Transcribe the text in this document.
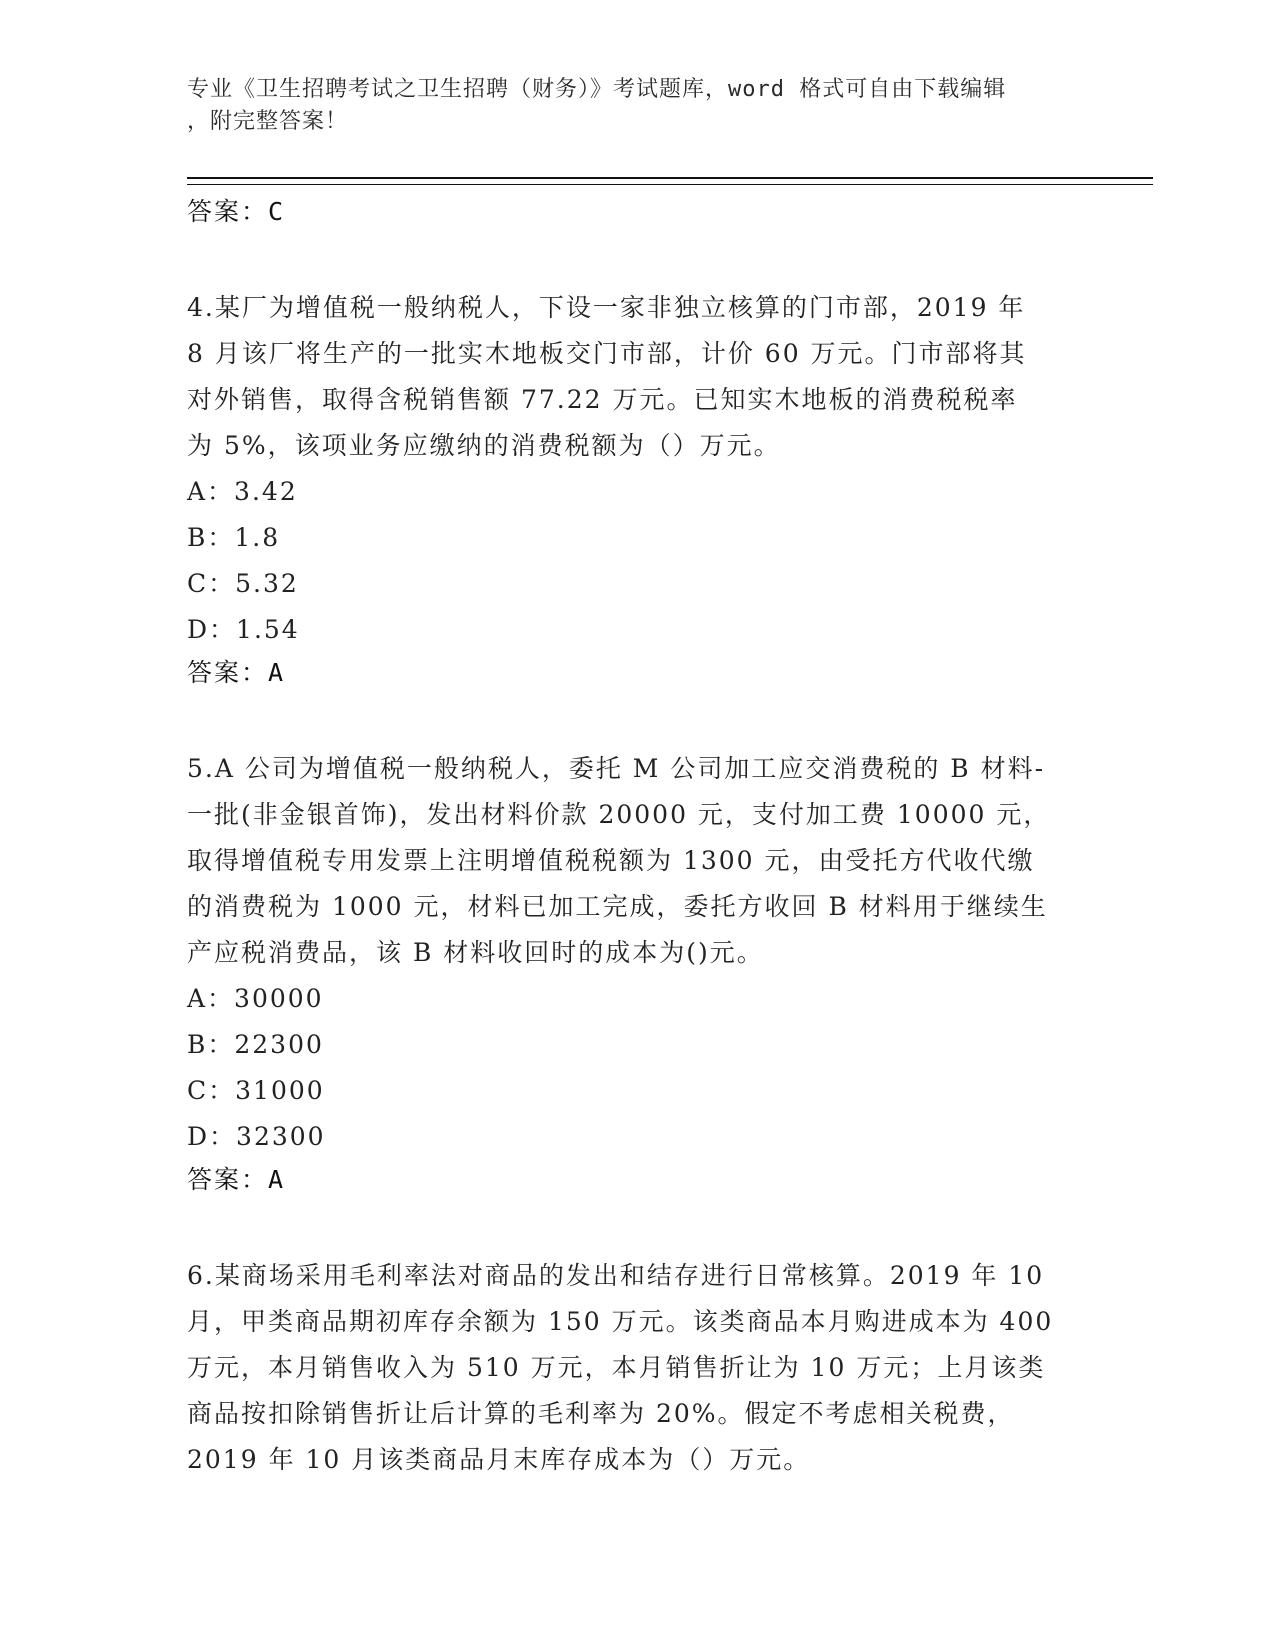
专业《卫生招聘考试之卫生招聘（财务）》考试题库，word 格式可自由下载编辑
，附完整答案！
答案：C
4.某厂为增值税一般纳税人，下设一家非独立核算的门市部，2019 年
8 月该厂将生产的一批实木地板交门市部，计价 60 万元。门市部将其
对外销售，取得含税销售额 77.22 万元。已知实木地板的消费税税率
为 5%，该项业务应缴纳的消费税额为（）万元。
A：3.42
B：1.8
C：5.32
D：1.54
答案：A
5.A 公司为增值税一般纳税人，委托 M 公司加工应交消费税的 B 材料-
一批(非金银首饰)，发出材料价款 20000 元，支付加工费 10000 元，
取得增值税专用发票上注明增值税税额为 1300 元，由受托方代收代缴
的消费税为 1000 元，材料已加工完成，委托方收回 B 材料用于继续生
产应税消费品，该 B 材料收回时的成本为()元。
A：30000
B：22300
C：31000
D：32300
答案：A
6.某商场采用毛利率法对商品的发出和结存进行日常核算。2019 年 10
月，甲类商品期初库存余额为 150 万元。该类商品本月购进成本为 400
万元，本月销售收入为 510 万元，本月销售折让为 10 万元；上月该类
商品按扣除销售折让后计算的毛利率为 20%。假定不考虑相关税费，
2019 年 10 月该类商品月末库存成本为（）万元。
